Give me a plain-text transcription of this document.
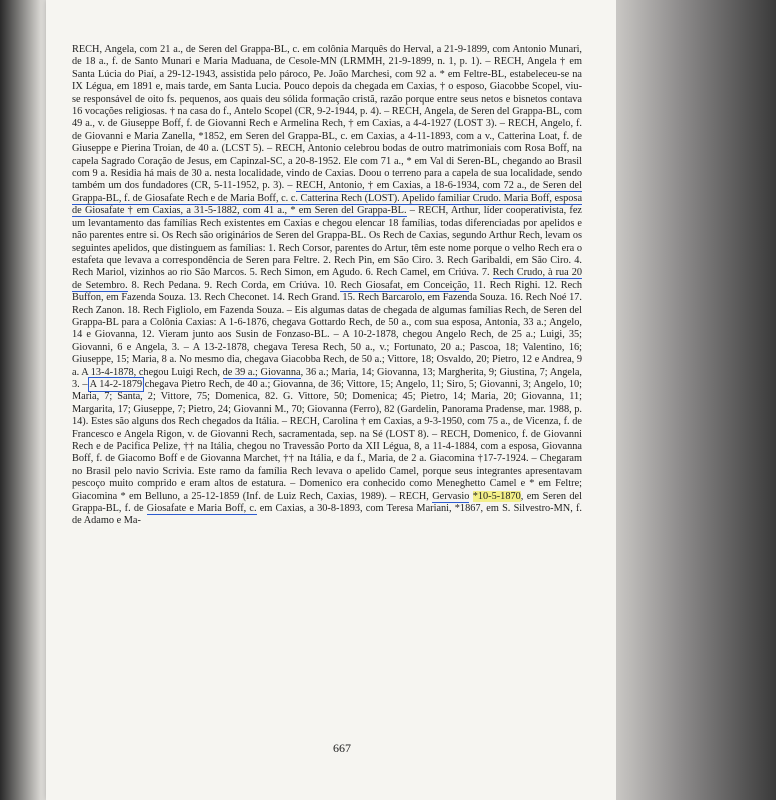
RECH, Angela, com 21 a., de Seren del Grappa-BL, c. em colônia Marquês do Herval, a 21-9-1899, com Antonio Munari, de 18 a., f. de Santo Munari e Maria Maduana, de Cesole-MN (LRMMH, 21-9-1899, n. 1, p. 1). – RECH, Angela † em Santa Lúcia do Piaí, a 29-12-1943, assistida pelo pároco, Pe. João Marchesi, com 92 a. * em Feltre-BL, estabeleceu-se na IX Légua, em 1891 e, mais tarde, em Santa Lucia. Pouco depois da chegada em Caxias, † o esposo, Giacobbe Scopel, viu-se responsável de oito fs. pequenos, aos quais deu sólida formação cristã, razão porque entre seus netos e bisnetos contava 16 vocações religiosas. † na casa do f., Antelo Scopel (CR, 9-2-1944, p. 4). – RECH, Angela, de Seren del Grappa-BL, com 49 a., v. de Giuseppe Boff, f. de Giovanni Rech e Armelina Rech, † em Caxias, a 4-4-1927 (LOST 3). – RECH, Angelo, f. de Giovanni e Maria Zanella, *1852, em Seren del Grappa-BL, c. em Caxias, a 4-11-1893, com a v., Catterina Loat, f. de Giuseppe e Pierina Troian, de 40 a. (LCST 5). – RECH, Antonio celebrou bodas de outro matrimoniais com Rosa Boff, na capela Sagrado Coração de Jesus, em Capinzal-SC, a 20-8-1952. Ele com 71 a., * em Val di Seren-BL, chegando ao Brasil com 9 a. Residia há mais de 30 a. nesta localidade, vindo de Caxias. Doou o terreno para a capela de sua localidade, sendo também um dos fundadores (CR, 5-11-1952, p. 3). – RECH, Antonio, † em Caxias, a 18-6-1934, com 72 a., de Seren del Grappa-BL, f. de Giosafate Rech e de Maria Boff, c. c. Catterina Rech (LOST). Apelido familiar Crudo. Maria Boff, esposa de Giosafate † em Caxias, a 31-5-1882, com 41 a., * em Seren del Grappa-BL. – RECH, Arthur, líder cooperativista, fez um levantamento das famílias Rech existentes em Caxias e chegou elencar 18 famílias, todas diferenciadas por apelidos e não parentes entre si. Os Rech são originários de Seren del Grappa-BL. Os Rech de Caxias, segundo Arthur Rech, levam os seguintes apelidos, que distinguem as famílias: 1. Rech Corsor, parentes do Artur, têm este nome porque o velho Rech era o estafeta que levava a correspondência de Seren para Feltre. 2. Rech Pin, em São Ciro. 3. Rech Garibaldi, em São Ciro. 4. Rech Mariol, vizinhos ao rio São Marcos. 5. Rech Simon, em Agudo. 6. Rech Camel, em Criúva. 7. Rech Crudo, à rua 20 de Setembro. 8. Rech Pedana. 9. Rech Corda, em Criúva. 10. Rech Giosafat, em Conceição, 11. Rech Righi. 12. Rech Buffon, em Fazenda Souza. 13. Rech Checonet. 14. Rech Grand. 15. Rech Barcarolo, em Fazenda Souza. 16. Rech Noé 17. Rech Zanon. 18. Rech Figliolo, em Fazenda Souza. – Eis algumas datas de chegada de algumas famílias Rech, de Seren del Grappa-BL para a Colônia Caxias: A 1-6-1876, chegava Gottardo Rech, de 50 a., com sua esposa, Antonia, 33 a.; Angelo, 14 e Giovanna, 12. Vieram junto aos Susin de Fonzaso-BL. – A 10-2-1878, chegou Angelo Rech, de 25 a.; Luigi, 35; Giovanni, 6 e Angela, 3. – A 13-2-1878, chegava Teresa Rech, 50 a., v.; Fortunato, 20 a.; Pascoa, 18; Valentino, 16; Giuseppe, 15; Maria, 8 a. No mesmo dia, chegava Giacobba Rech, de 50 a.; Vittore, 18; Osvaldo, 20; Pietro, 12 e Andrea, 9 a. A 13-4-1878, chegou Luigi Rech, de 39 a.; Giovanna, 36 a.; Maria, 14; Giovanna, 13; Margherita, 9; Giustina, 7; Angela, 3. – A 14-2-1879 chegava Pietro Rech, de 40 a.; Giovanna, de 36; Vittore, 15; Angelo, 11; Siro, 5; Giovanni, 3; Angelo, 10; Maria, 7; Santa, 2; Vittore, 75; Domenica, 82. G. Vittore, 50; Domenica; 45; Pietro, 14; Maria, 20; Giovanna, 11; Margarita, 17; Giuseppe, 7; Pietro, 24; Giovanni M., 70; Giovanna (Ferro), 82 (Gardelin, Panorama Pradense, mar. 1988, p. 14). Estes são alguns dos Rech chegados da Itália. – RECH, Carolina † em Caxias, a 9-3-1950, com 75 a., de Vicenza, f. de Francesco e Angela Rigon, v. de Giovanni Rech, sacramentada, sep. na Sé (LOST 8). – RECH, Domenico, f. de Giovanni Rech e de Pacifica Pelize, †† na Itália, chegou no Travessão Porto da XII Légua, 8, a 11-4-1884, com a esposa, Giovanna Boff, f. de Giacomo Boff e de Giovanna Marchet, †† na Itália, e da f., Maria, de 2 a. Giacomina †17-7-1924. – Chegaram no Brasil pelo navio Scrivia. Este ramo da família Rech levava o apelido Camel, porque seus integrantes apresentavam pescoço muito comprido e eram altos de estatura. – Domenico era conhecido como Meneghetto Camel e * em Feltre; Giacomina * em Belluno, a 25-12-1859 (Inf. de Luiz Rech, Caxias, 1989). – RECH, Gervasio *10-5-1870, em Seren del Grappa-BL, f. de Giosafate e Maria Boff, c. em Caxias, a 30-8-1893, com Teresa Mariani, *1867, em S. Silvestro-MN, f. de Adamo e Ma-

667
